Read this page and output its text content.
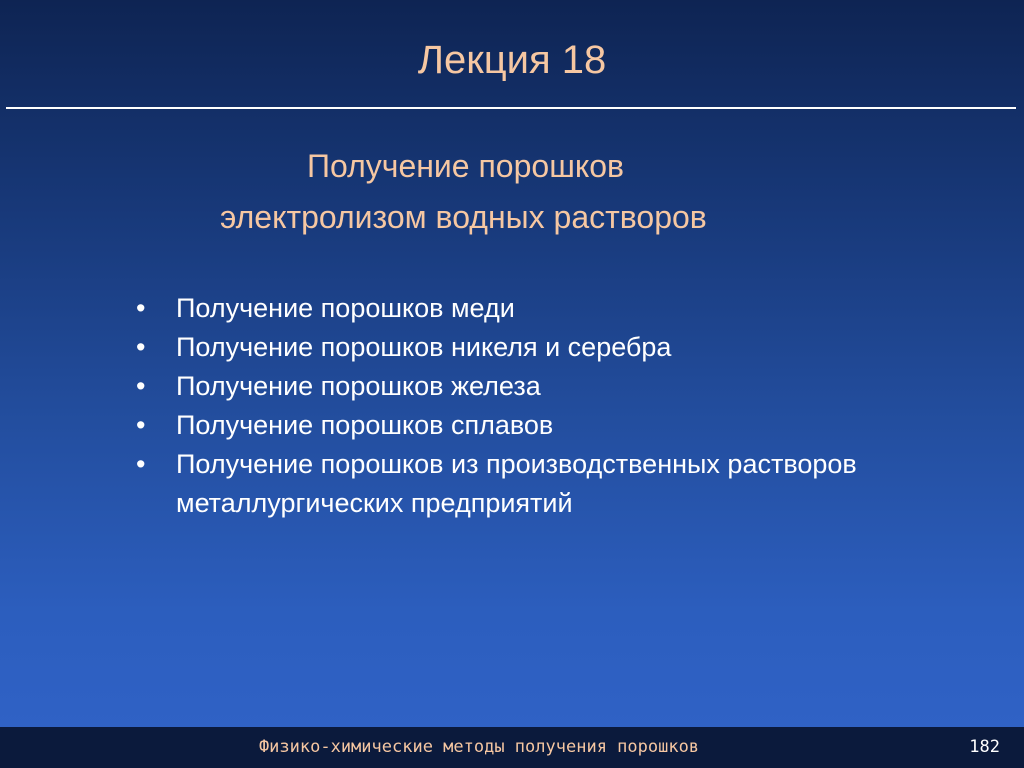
Лекция 18
Получение порошков
электролизом водных растворов
• Получение порошков меди
• Получение порошков никеля и серебра
• Получение порошков железа
• Получение порошков сплавов
• Получение порошков из производственных растворов металлургических предприятий
Физико-химические методы получения порошков	182
